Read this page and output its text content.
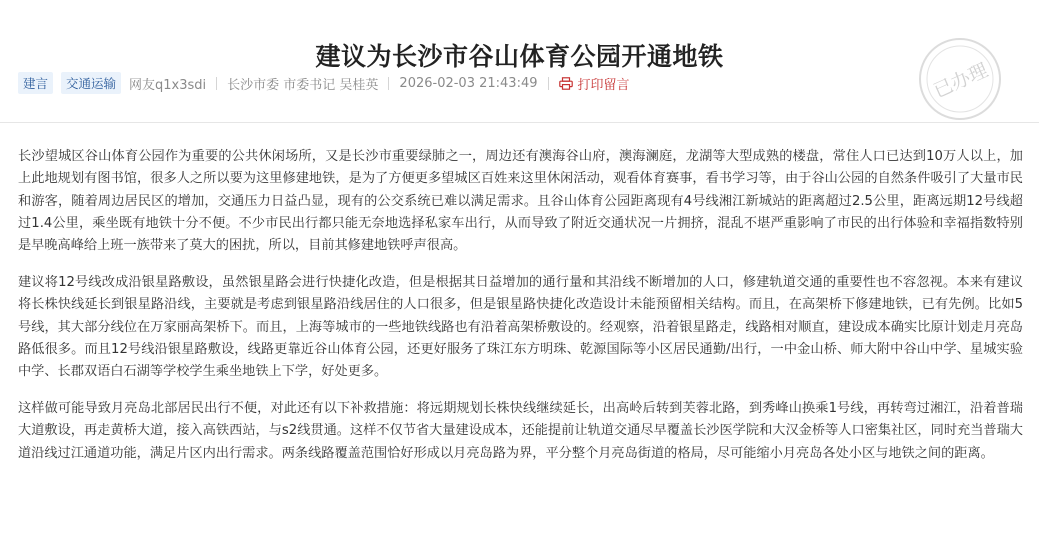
建议为长沙市谷山体育公园开通地铁
建言	交通运输	网友q1x3sdi 长沙市委 市委书记 吴桂英 2026-02-03 21:43:49	打印留言	已办理

长沙望城区谷山体育公园作为重要的公共休闲场所，又是长沙市重要绿肺之一，周边还有澳海谷山府，澳海澜庭，龙湖等大型成熟的楼盘，常住人口已达到10万人以上，加上此地规划有图书馆，很多人之所以要为这里修建地铁，是为了方便更多望城区百姓来这里休闲活动，观看体育赛事，看书学习等，由于谷山公园的自然条件吸引了大量市民和游客，随着周边居民区的增加，交通压力日益凸显，现有的公交系统已难以满足需求。且谷山体育公园距离现有4号线湘江新城站的距离超过2.5公里，距离远期12号线超过1.4公里，乘坐既有地铁十分不便。不少市民出行都只能无奈地选择私家车出行，从而导致了附近交通状况一片拥挤，混乱不堪严重影响了市民的出行体验和幸福指数特别是早晚高峰给上班一族带来了莫大的困扰，所以，目前其修建地铁呼声很高。

建议将12号线改成沿银星路敷设，虽然银星路会进行快捷化改造，但是根据其日益增加的通行量和其沿线不断增加的人口，修建轨道交通的重要性也不容忽视。本来有建议将长株快线延长到银星路沿线，主要就是考虑到银星路沿线居住的人口很多，但是银星路快捷化改造设计未能预留相关结构。而且，在高架桥下修建地铁，已有先例。比如5号线，其大部分线位在万家丽高架桥下。而且，上海等城市的一些地铁线路也有沿着高架桥敷设的。经观察，沿着银星路走，线路相对顺直，建设成本确实比原计划走月亮岛路低很多。而且12号线沿银星路敷设，线路更靠近谷山体育公园，还更好服务了珠江东方明珠、乾源国际等小区居民通勤/出行，一中金山桥、师大附中谷山中学、星城实验中学、长郡双语白石湖等学校学生乘坐地铁上下学，好处更多。

这样做可能导致月亮岛北部居民出行不便，对此还有以下补救措施：将远期规划长株快线继续延长，出高岭后转到芙蓉北路，到秀峰山换乘1号线，再转弯过湘江，沿着普瑞大道敷设，再走黄桥大道，接入高铁西站，与s2线贯通。这样不仅节省大量建设成本，还能提前让轨道交通尽早覆盖长沙医学院和大汉金桥等人口密集社区，同时充当普瑞大道沿线过江通道功能，满足片区内出行需求。两条线路覆盖范围恰好形成以月亮岛路为界，平分整个月亮岛街道的格局，尽可能缩小月亮岛各处小区与地铁之间的距离。
